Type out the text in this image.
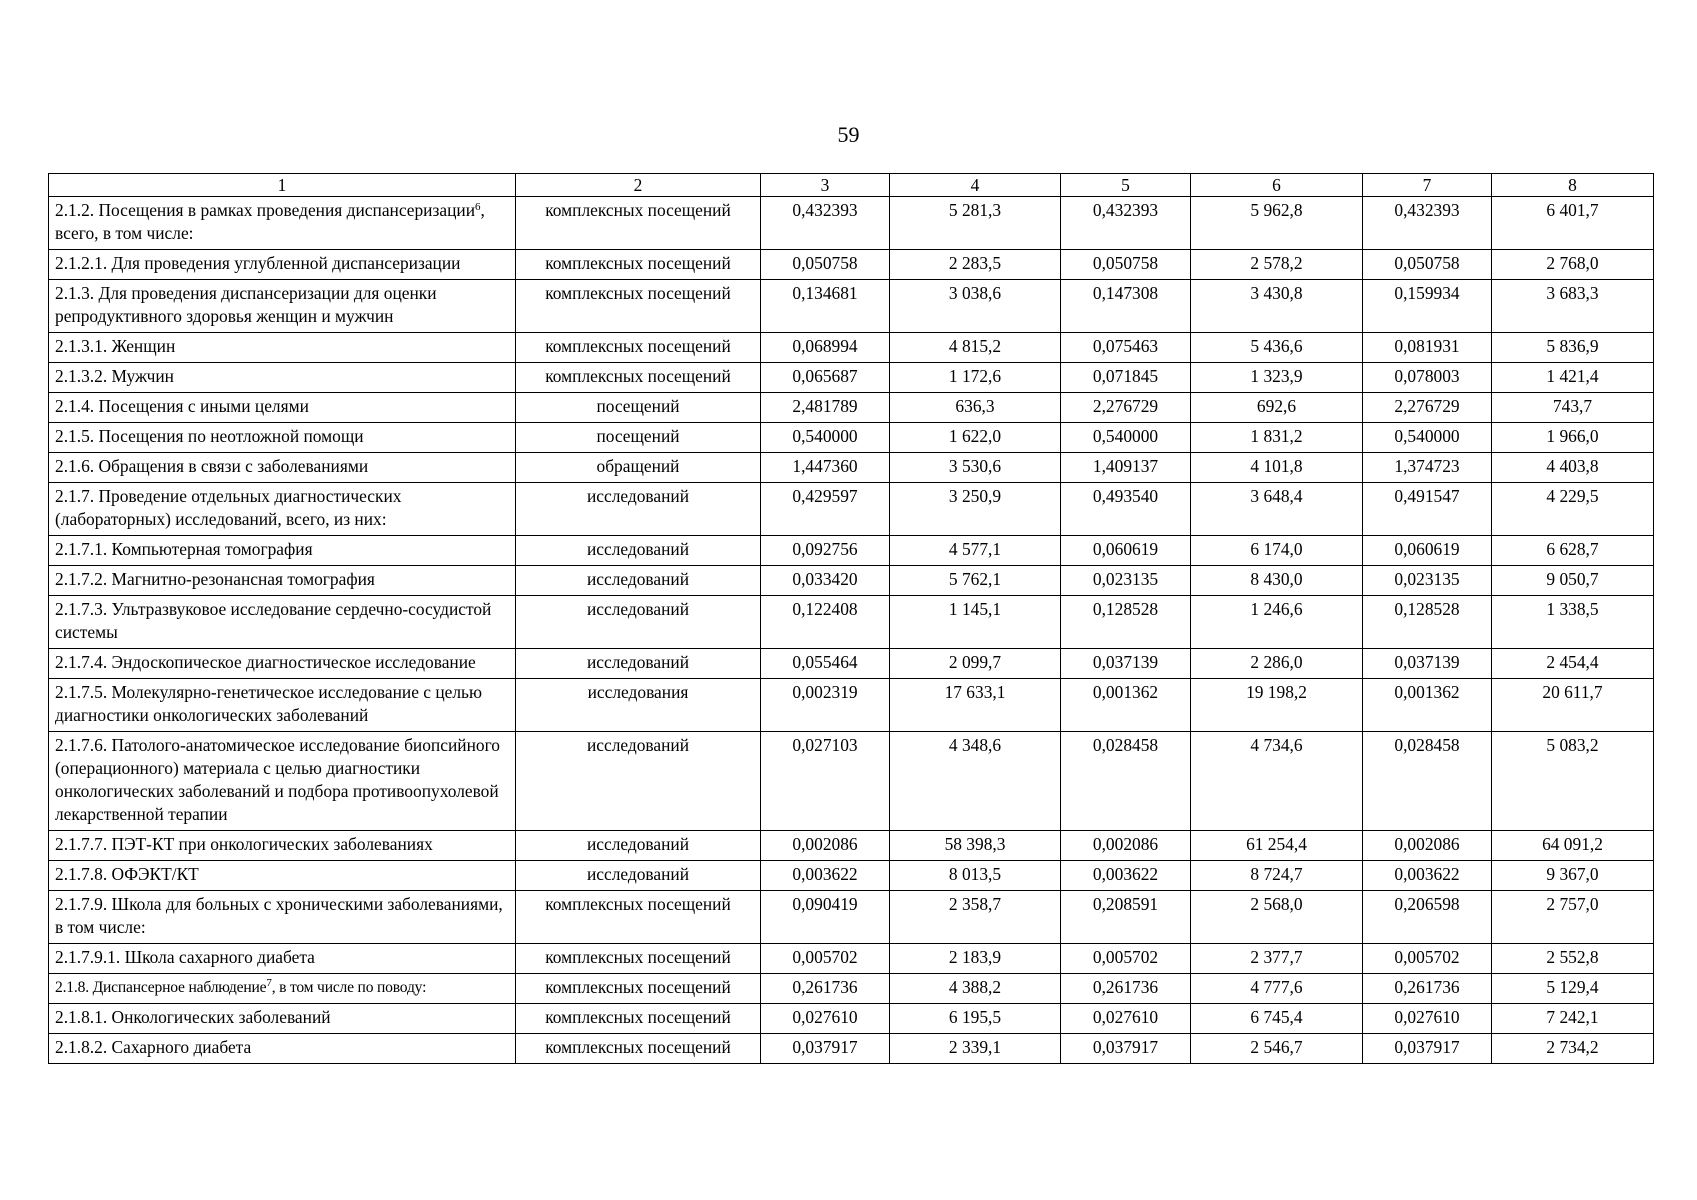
59
1	2	3	4	5	6	7	8
2.1.2. Посещения в рамках проведения диспансеризации$^6$, всего, в том числе:	комплексных посещений	0,432393	5 281,3	0,432393	5 962,8	0,432393	6 401,7
2.1.2.1. Для проведения углубленной диспансеризации	комплексных посещений	0,050758	2 283,5	0,050758	2 578,2	0,050758	2 768,0
2.1.3. Для проведения диспансеризации для оценки репродуктивного здоровья женщин и мужчин	комплексных посещений	0,134681	3 038,6	0,147308	3 430,8	0,159934	3 683,3
2.1.3.1. Женщин	комплексных посещений	0,068994	4 815,2	0,075463	5 436,6	0,081931	5 836,9
2.1.3.2. Мужчин	комплексных посещений	0,065687	1 172,6	0,071845	1 323,9	0,078003	1 421,4
2.1.4. Посещения с иными целями	посещений	2,481789	636,3	2,276729	692,6	2,276729	743,7
2.1.5. Посещения по неотложной помощи	посещений	0,540000	1 622,0	0,540000	1 831,2	0,540000	1 966,0
2.1.6. Обращения в связи с заболеваниями	обращений	1,447360	3 530,6	1,409137	4 101,8	1,374723	4 403,8
2.1.7. Проведение отдельных диагностических (лабораторных) исследований, всего, из них:	исследований	0,429597	3 250,9	0,493540	3 648,4	0,491547	4 229,5
2.1.7.1. Компьютерная томография	исследований	0,092756	4 577,1	0,060619	6 174,0	0,060619	6 628,7
2.1.7.2. Магнитно-резонансная томография	исследований	0,033420	5 762,1	0,023135	8 430,0	0,023135	9 050,7
2.1.7.3. Ультразвуковое исследование сердечно-сосудистой системы	исследований	0,122408	1 145,1	0,128528	1 246,6	0,128528	1 338,5
2.1.7.4. Эндоскопическое диагностическое исследование	исследований	0,055464	2 099,7	0,037139	2 286,0	0,037139	2 454,4
2.1.7.5. Молекулярно-генетическое исследование с целью диагностики онкологических заболеваний	исследования	0,002319	17 633,1	0,001362	19 198,2	0,001362	20 611,7
2.1.7.6. Патолого-анатомическое исследование биопсийного (операционного) материала с целью диагностики онкологических заболеваний и подбора противоопухолевой лекарственной терапии	исследований	0,027103	4 348,6	0,028458	4 734,6	0,028458	5 083,2
2.1.7.7. ПЭТ-КТ при онкологических заболеваниях	исследований	0,002086	58 398,3	0,002086	61 254,4	0,002086	64 091,2
2.1.7.8. ОФЭКТ/КТ	исследований	0,003622	8 013,5	0,003622	8 724,7	0,003622	9 367,0
2.1.7.9. Школа для больных с хроническими заболеваниями, в том числе:	комплексных посещений	0,090419	2 358,7	0,208591	2 568,0	0,206598	2 757,0
2.1.7.9.1. Школа сахарного диабета	комплексных посещений	0,005702	2 183,9	0,005702	2 377,7	0,005702	2 552,8
2.1.8. Диспансерное наблюдение$^7$, в том числе по поводу:	комплексных посещений	0,261736	4 388,2	0,261736	4 777,6	0,261736	5 129,4
2.1.8.1. Онкологических заболеваний	комплексных посещений	0,027610	6 195,5	0,027610	6 745,4	0,027610	7 242,1
2.1.8.2. Сахарного диабета	комплексных посещений	0,037917	2 339,1	0,037917	2 546,7	0,037917	2 734,2
